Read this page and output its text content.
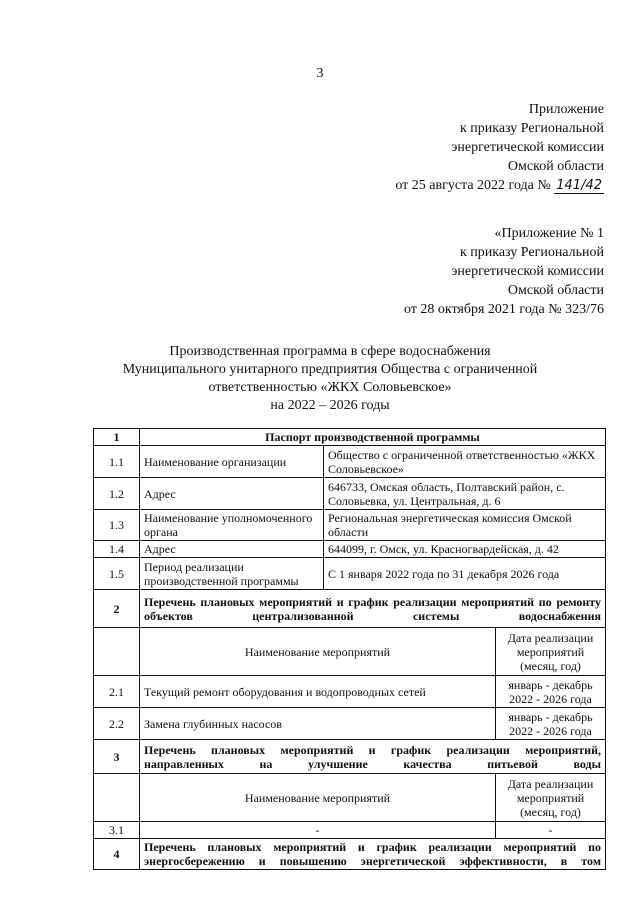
3
Приложение
к приказу Региональной
энергетической комиссии
Омской области
от 25 августа 2022 года № 141/42
«Приложение № 1
к приказу Региональной
энергетической комиссии
Омской области
от 28 октября 2021 года № 323/76
Производственная программа в сфере водоснабжения
Муниципального унитарного предприятия Общества с ограниченной
ответственностью «ЖКХ Соловьевское»
на 2022 – 2026 годы
1	Паспорт производственной программы		
1.1	Наименование организации	Общество с ограниченной ответственностью «ЖКХ Соловьевское»	
1.2	Адрес	646733, Омская область, Полтавский район, с. Соловьевка, ул. Центральная, д. 6	
1.3	Наименование уполномоченного органа	Региональная энергетическая комиссия Омской области	
1.4	Адрес	644099, г. Омск, ул. Красногвардейская, д. 42	
1.5	Период реализации производственной программы	С 1 января 2022 года по 31 декабря 2026 года	
2	Перечень плановых мероприятий и график реализации мероприятий по ремонту объектов централизованной системы водоснабжения		
	Наименование мероприятий		Дата реализации мероприятий (месяц, год)
2.1	Текущий ремонт оборудования и водопроводных сетей		январь - декабрь 2022 - 2026 года
2.2	Замена глубинных насосов		январь - декабрь 2022 - 2026 года
3	Перечень плановых мероприятий и график реализации мероприятий, направленных на улучшение качества питьевой воды		
	Наименование мероприятий		Дата реализации мероприятий (месяц, год)
3.1	-		-
4	Перечень плановых мероприятий и график реализации мероприятий по энергосбережению и повышению энергетической эффективности, в том		
